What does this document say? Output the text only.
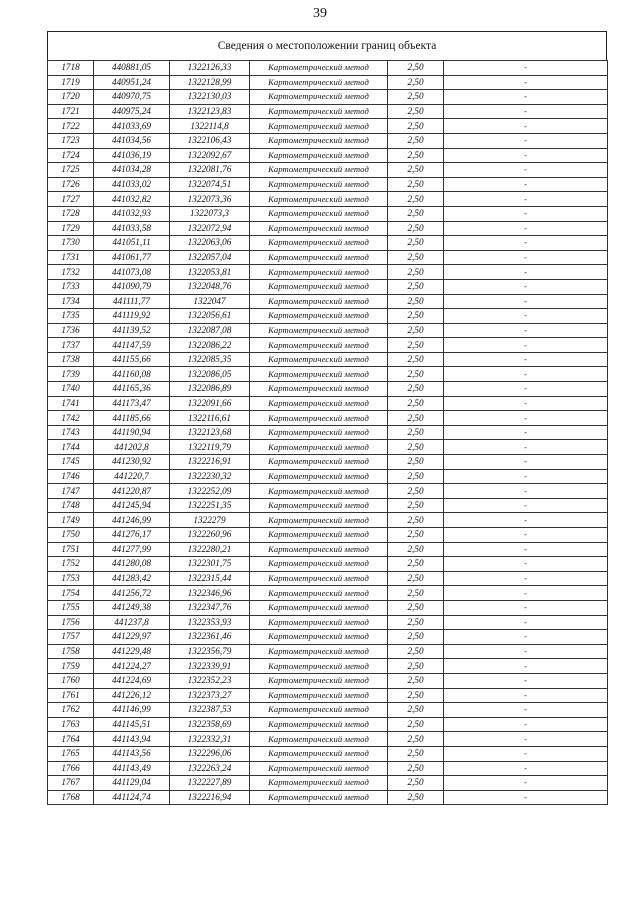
39
Сведения о местоположении границ объекта
1718	440881,05	1322126,33	Картометрический метод	2,50	-
1719	440951,24	1322128,99	Картометрический метод	2,50	-
1720	440970,75	1322130,03	Картометрический метод	2,50	-
1721	440975,24	1322123,83	Картометрический метод	2,50	-
1722	441033,69	1322114,8	Картометрический метод	2,50	-
1723	441034,56	1322106,43	Картометрический метод	2,50	-
1724	441036,19	1322092,67	Картометрический метод	2,50	-
1725	441034,28	1322081,76	Картометрический метод	2,50	-
1726	441033,02	1322074,51	Картометрический метод	2,50	-
1727	441032,82	1322073,36	Картометрический метод	2,50	-
1728	441032,93	1322073,3	Картометрический метод	2,50	-
1729	441033,58	1322072,94	Картометрический метод	2,50	-
1730	441051,11	1322063,06	Картометрический метод	2,50	-
1731	441061,77	1322057,04	Картометрический метод	2,50	-
1732	441073,08	1322053,81	Картометрический метод	2,50	-
1733	441090,79	1322048,76	Картометрический метод	2,50	-
1734	441111,77	1322047	Картометрический метод	2,50	-
1735	441119,92	1322056,61	Картометрический метод	2,50	-
1736	441139,52	1322087,08	Картометрический метод	2,50	-
1737	441147,59	1322086,22	Картометрический метод	2,50	-
1738	441155,66	1322085,35	Картометрический метод	2,50	-
1739	441160,08	1322086,05	Картометрический метод	2,50	-
1740	441165,36	1322086,89	Картометрический метод	2,50	-
1741	441173,47	1322091,66	Картометрический метод	2,50	-
1742	441185,66	1322116,61	Картометрический метод	2,50	-
1743	441190,94	1322123,68	Картометрический метод	2,50	-
1744	441202,8	1322119,79	Картометрический метод	2,50	-
1745	441230,92	1322216,91	Картометрический метод	2,50	-
1746	441220,7	1322230,32	Картометрический метод	2,50	-
1747	441220,87	1322252,09	Картометрический метод	2,50	-
1748	441245,94	1322251,35	Картометрический метод	2,50	-
1749	441246,99	1322279	Картометрический метод	2,50	-
1750	441276,17	1322260,96	Картометрический метод	2,50	-
1751	441277,99	1322280,21	Картометрический метод	2,50	-
1752	441280,08	1322301,75	Картометрический метод	2,50	-
1753	441283,42	1322315,44	Картометрический метод	2,50	-
1754	441256,72	1322346,96	Картометрический метод	2,50	-
1755	441249,38	1322347,76	Картометрический метод	2,50	-
1756	441237,8	1322353,93	Картометрический метод	2,50	-
1757	441229,97	1322361,46	Картометрический метод	2,50	-
1758	441229,48	1322356,79	Картометрический метод	2,50	-
1759	441224,27	1322339,91	Картометрический метод	2,50	-
1760	441224,69	1322352,23	Картометрический метод	2,50	-
1761	441226,12	1322373,27	Картометрический метод	2,50	-
1762	441146,99	1322387,53	Картометрический метод	2,50	-
1763	441145,51	1322358,69	Картометрический метод	2,50	-
1764	441143,94	1322332,31	Картометрический метод	2,50	-
1765	441143,56	1322296,06	Картометрический метод	2,50	-
1766	441143,49	1322263,24	Картометрический метод	2,50	-
1767	441129,04	1322227,89	Картометрический метод	2,50	-
1768	441124,74	1322216,94	Картометрический метод	2,50	-
